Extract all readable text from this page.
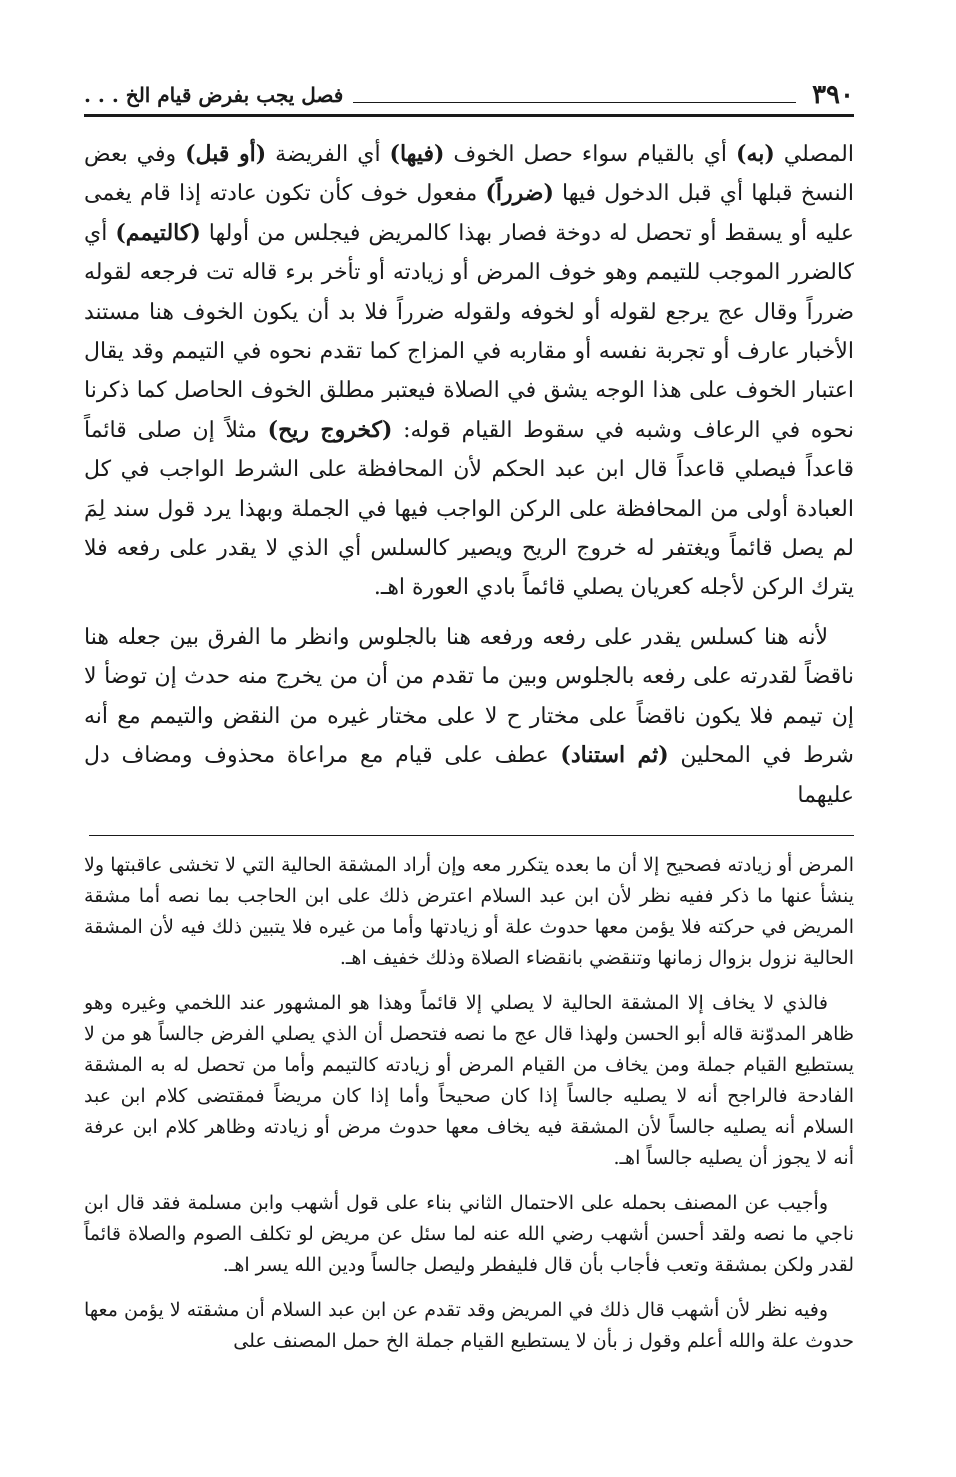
٣٩٠
فصل يجب بفرض قيام الخ . . .

المصلي (به) أي بالقيام سواء حصل الخوف (فيها) أي الفريضة (أو قبل) وفي بعض النسخ قبلها أي قبل الدخول فيها (ضرراً) مفعول خوف كأن تكون عادته إذا قام يغمى عليه أو يسقط أو تحصل له دوخة فصار بهذا كالمريض فيجلس من أولها (كالتيمم) أي كالضرر الموجب للتيمم وهو خوف المرض أو زيادته أو تأخر برء قاله تت فرجعه لقوله ضرراً وقال عج يرجع لقوله أو لخوفه ولقوله ضرراً فلا بد أن يكون الخوف هنا مستند الأخبار عارف أو تجربة نفسه أو مقاربه في المزاج كما تقدم نحوه في التيمم وقد يقال اعتبار الخوف على هذا الوجه يشق في الصلاة فيعتبر مطلق الخوف الحاصل كما ذكرنا نحوه في الرعاف وشبه في سقوط القيام قوله: (كخروج ريح) مثلاً إن صلى قائماً قاعداً فيصلي قاعداً قال ابن عبد الحكم لأن المحافظة على الشرط الواجب في كل العبادة أولى من المحافظة على الركن الواجب فيها في الجملة وبهذا يرد قول سند لِمَ لم يصل قائماً ويغتفر له خروج الريح ويصير كالسلس أي الذي لا يقدر على رفعه فلا يترك الركن لأجله كعريان يصلي قائماً بادي العورة اهـ.

لأنه هنا كسلس يقدر على رفعه ورفعه هنا بالجلوس وانظر ما الفرق بين جعله هنا ناقضاً لقدرته على رفعه بالجلوس وبين ما تقدم من أن من يخرج منه حدث إن توضأ لا إن تيمم فلا يكون ناقضاً على مختار ح لا على مختار غيره من النقض والتيمم مع أنه شرط في المحلين (ثم استناد) عطف على قيام مع مراعاة محذوف ومضاف دل عليهما

المرض أو زيادته فصحيح إلا أن ما بعده يتكرر معه وإن أراد المشقة الحالية التي لا تخشى عاقبتها ولا ينشأ عنها ما ذكر ففيه نظر لأن ابن عبد السلام اعترض ذلك على ابن الحاجب بما نصه أما مشقة المريض في حركته فلا يؤمن معها حدوث علة أو زيادتها وأما من غيره فلا يتبين ذلك فيه لأن المشقة الحالية نزول بزوال زمانها وتنقضي بانقضاء الصلاة وذلك خفيف اهـ.

فالذي لا يخاف إلا المشقة الحالية لا يصلي إلا قائماً وهذا هو المشهور عند اللخمي وغيره وهو ظاهر المدوّنة قاله أبو الحسن ولهذا قال عج ما نصه فتحصل أن الذي يصلي الفرض جالساً هو من لا يستطيع القيام جملة ومن يخاف من القيام المرض أو زيادته كالتيمم وأما من تحصل له به المشقة الفادحة فالراجح أنه لا يصليه جالساً إذا كان صحيحاً وأما إذا كان مريضاً فمقتضى كلام ابن عبد السلام أنه يصليه جالساً لأن المشقة فيه يخاف معها حدوث مرض أو زيادته وظاهر كلام ابن عرفة أنه لا يجوز أن يصليه جالساً اهـ.

وأجيب عن المصنف بحمله على الاحتمال الثاني بناء على قول أشهب وابن مسلمة فقد قال ابن ناجي ما نصه ولقد أحسن أشهب رضي الله عنه لما سئل عن مريض لو تكلف الصوم والصلاة قائماً لقدر ولكن بمشقة وتعب فأجاب بأن قال فليفطر وليصل جالساً ودين الله يسر اهـ.

وفيه نظر لأن أشهب قال ذلك في المريض وقد تقدم عن ابن عبد السلام أن مشقته لا يؤمن معها حدوث علة والله أعلم وقول ز بأن لا يستطيع القيام جملة الخ حمل المصنف على
